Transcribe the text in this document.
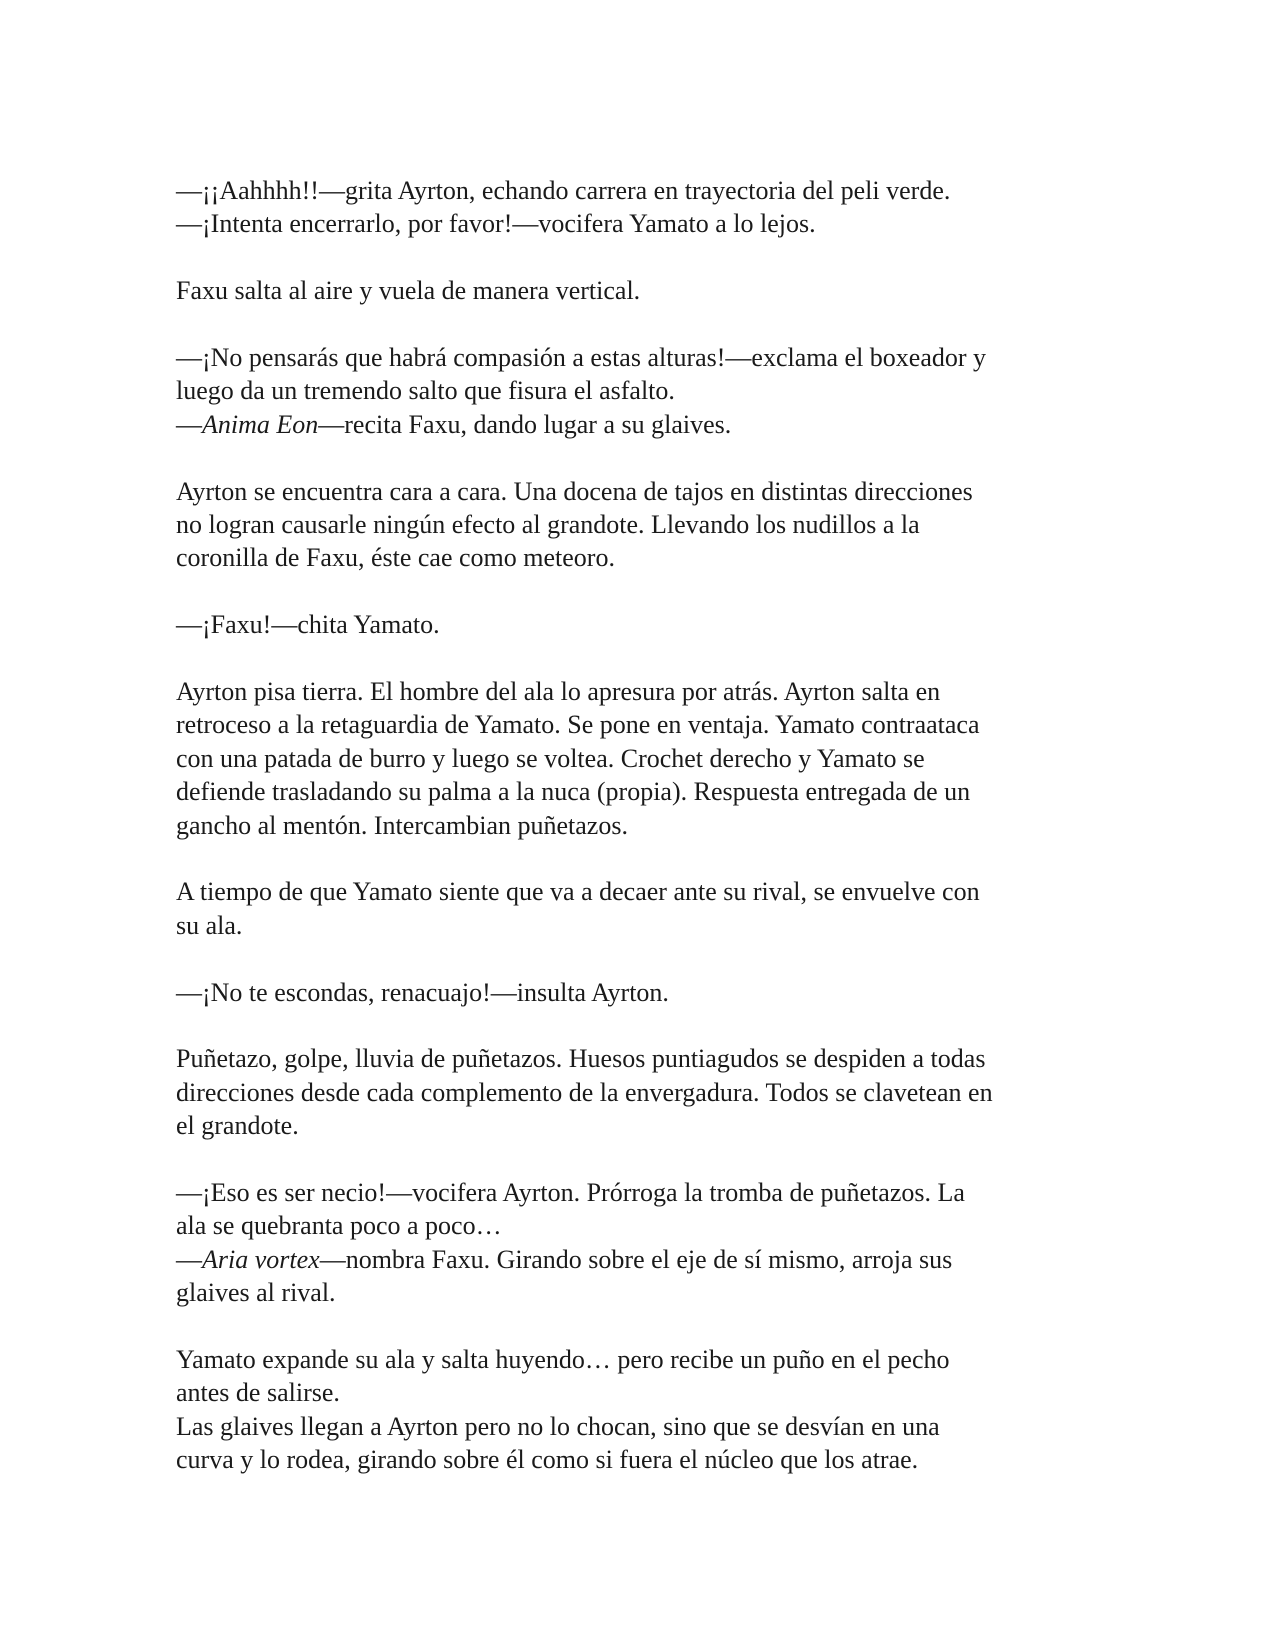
—¡¡Aahhhh!!—grita Ayrton, echando carrera en trayectoria del peli verde.
—¡Intenta encerrarlo, por favor!—vocifera Yamato a lo lejos.
Faxu salta al aire y vuela de manera vertical.
—¡No pensarás que habrá compasión a estas alturas!—exclama el boxeador y
luego da un tremendo salto que fisura el asfalto.
—Anima Eon—recita Faxu, dando lugar a su glaives.
Ayrton se encuentra cara a cara. Una docena de tajos en distintas direcciones
no logran causarle ningún efecto al grandote. Llevando los nudillos a la
coronilla de Faxu, éste cae como meteoro.
—¡Faxu!—chita Yamato.
Ayrton pisa tierra. El hombre del ala lo apresura por atrás. Ayrton salta en
retroceso a la retaguardia de Yamato. Se pone en ventaja. Yamato contraataca
con una patada de burro y luego se voltea. Crochet derecho y Yamato se
defiende trasladando su palma a la nuca (propia). Respuesta entregada de un
gancho al mentón. Intercambian puñetazos.
A tiempo de que Yamato siente que va a decaer ante su rival, se envuelve con
su ala.
—¡No te escondas, renacuajo!—insulta Ayrton.
Puñetazo, golpe, lluvia de puñetazos. Huesos puntiagudos se despiden a todas
direcciones desde cada complemento de la envergadura. Todos se clavetean en
el grandote.
—¡Eso es ser necio!—vocifera Ayrton. Prórroga la tromba de puñetazos. La
ala se quebranta poco a poco…
—Aria vortex—nombra Faxu. Girando sobre el eje de sí mismo, arroja sus
glaives al rival.
Yamato expande su ala y salta huyendo… pero recibe un puño en el pecho
antes de salirse.
Las glaives llegan a Ayrton pero no lo chocan, sino que se desvían en una
curva y lo rodea, girando sobre él como si fuera el núcleo que los atrae.
